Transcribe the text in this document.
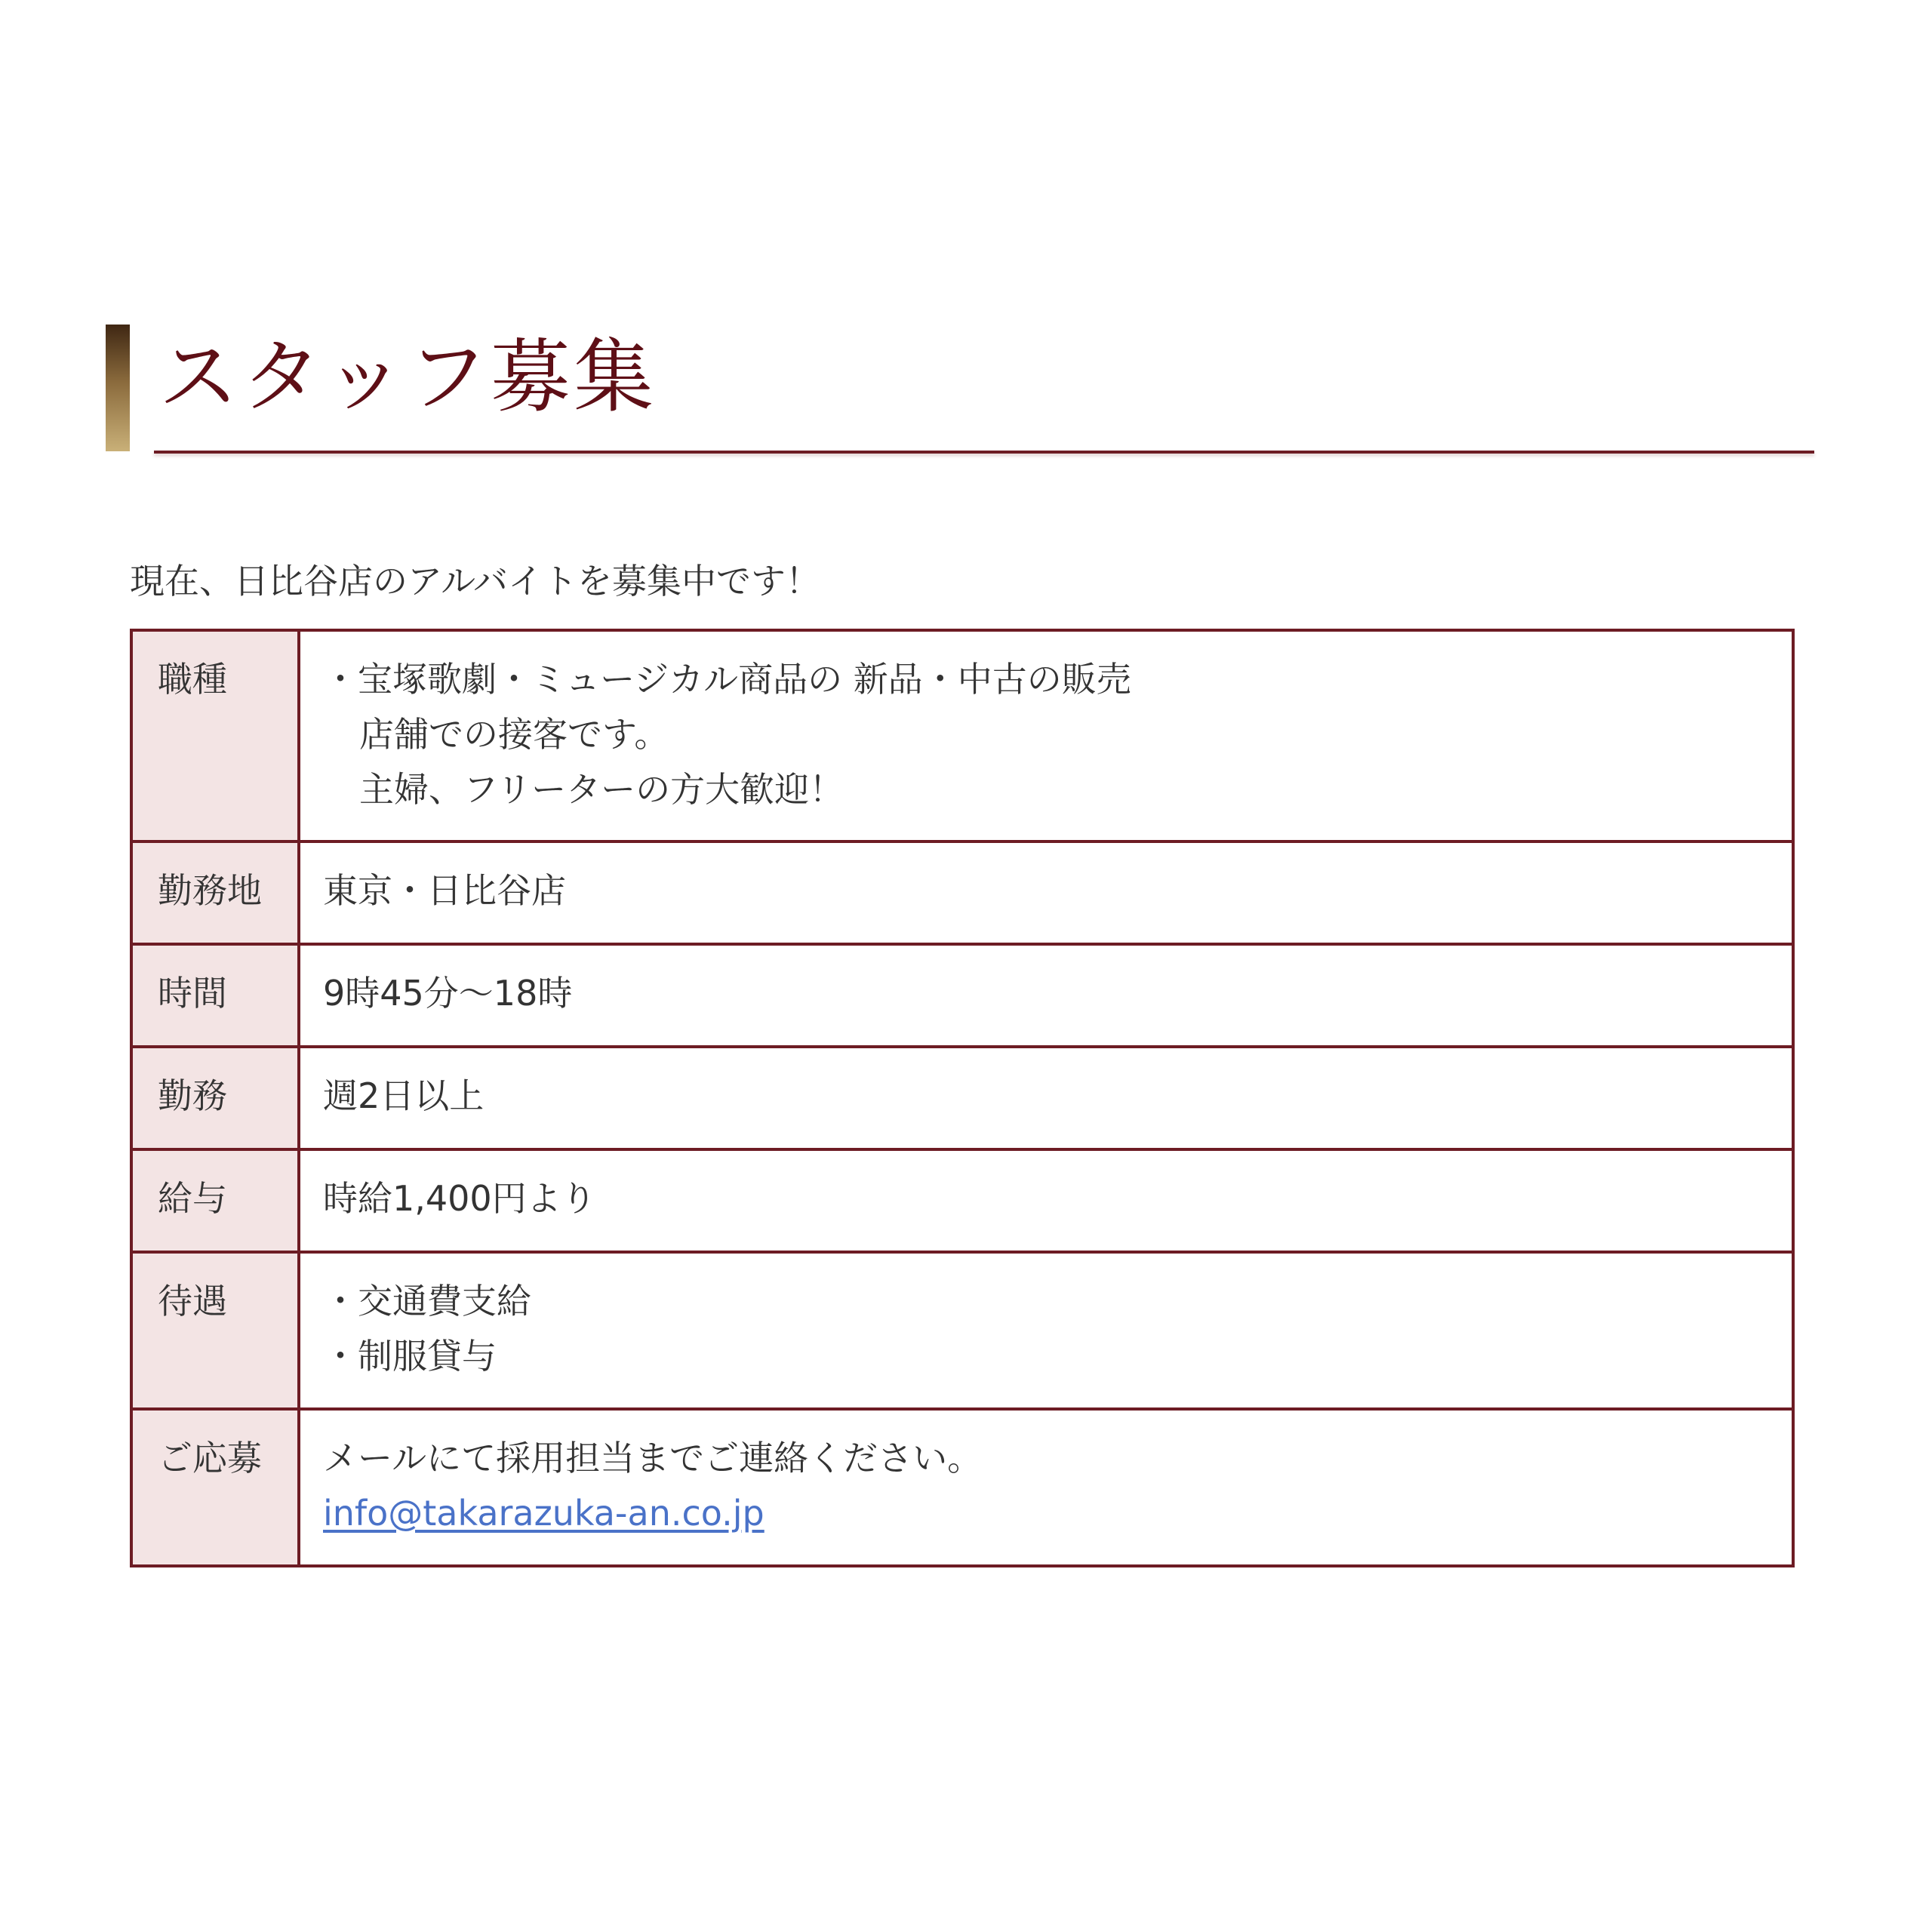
スタッフ募集
現在、日比谷店のアルバイトを募集中です！
職種	・宝塚歌劇・ミュージカル商品の 新品・中古の販売
店舗での接客です。
主婦、フリーターの方大歓迎！

勤務地	東京・日比谷店

時間	9時45分〜18時

勤務	週2日以上

給与	時給1,400円より

待遇	・交通費支給
・制服貸与

ご応募	メールにて採用担当までご連絡ください。
info@takarazuka-an.co.jp
